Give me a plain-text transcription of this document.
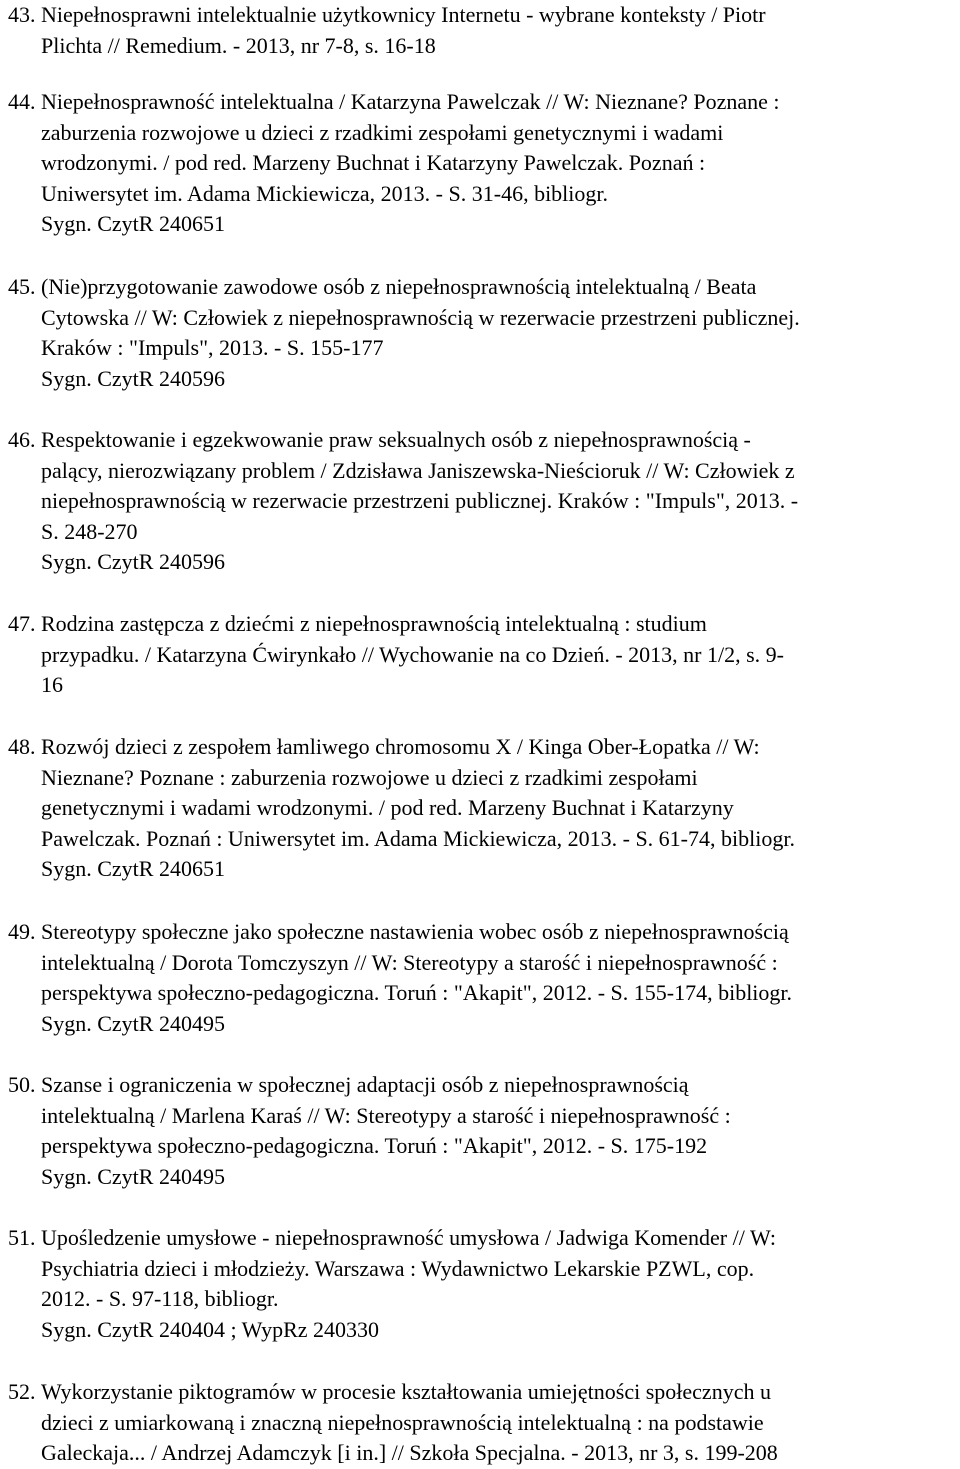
43. Niepełnosprawni intelektualnie użytkownicy Internetu - wybrane konteksty / Piotr
Plichta // Remedium. - 2013, nr 7-8, s. 16-18
44. Niepełnosprawność intelektualna / Katarzyna Pawelczak // W: Nieznane? Poznane :
zaburzenia rozwojowe u dzieci z rzadkimi zespołami genetycznymi i wadami
wrodzonymi. / pod red. Marzeny Buchnat i Katarzyny Pawelczak. Poznań :
Uniwersytet im. Adama Mickiewicza, 2013. - S. 31-46, bibliogr.
Sygn. CzytR 240651
45. (Nie)przygotowanie zawodowe osób z niepełnosprawnością intelektualną / Beata
Cytowska // W: Człowiek z niepełnosprawnością w rezerwacie przestrzeni publicznej.
Kraków : "Impuls", 2013. - S. 155-177
Sygn. CzytR 240596
46. Respektowanie i egzekwowanie praw seksualnych osób z niepełnosprawnością -
palący, nierozwiązany problem / Zdzisława Janiszewska-Nieścioruk // W: Człowiek z
niepełnosprawnością w rezerwacie przestrzeni publicznej. Kraków : "Impuls", 2013. -
S. 248-270
Sygn. CzytR 240596
47. Rodzina zastępcza z dziećmi z niepełnosprawnością intelektualną : studium
przypadku. / Katarzyna Ćwirynkało // Wychowanie na co Dzień. - 2013, nr 1/2, s. 9-
16
48. Rozwój dzieci z zespołem łamliwego chromosomu X / Kinga Ober-Łopatka // W:
Nieznane? Poznane : zaburzenia rozwojowe u dzieci z rzadkimi zespołami
genetycznymi i wadami wrodzonymi. / pod red. Marzeny Buchnat i Katarzyny
Pawelczak. Poznań : Uniwersytet im. Adama Mickiewicza, 2013. - S. 61-74, bibliogr.
Sygn. CzytR 240651
49. Stereotypy społeczne jako społeczne nastawienia wobec osób z niepełnosprawnością
intelektualną / Dorota Tomczyszyn // W: Stereotypy a starość i niepełnosprawność :
perspektywa społeczno-pedagogiczna. Toruń : "Akapit", 2012. - S. 155-174, bibliogr.
Sygn. CzytR 240495
50. Szanse i ograniczenia w społecznej adaptacji osób z niepełnosprawnością
intelektualną / Marlena Karaś // W: Stereotypy a starość i niepełnosprawność :
perspektywa społeczno-pedagogiczna. Toruń : "Akapit", 2012. - S. 175-192
Sygn. CzytR 240495
51. Upośledzenie umysłowe - niepełnosprawność umysłowa / Jadwiga Komender // W:
Psychiatria dzieci i młodzieży. Warszawa : Wydawnictwo Lekarskie PZWL, cop.
2012. - S. 97-118, bibliogr.
Sygn. CzytR 240404 ; WypRz 240330
52. Wykorzystanie piktogramów w procesie kształtowania umiejętności społecznych u
dzieci z umiarkowaną i znaczną niepełnosprawnością intelektualną : na podstawie
Galeckaja... / Andrzej Adamczyk [i in.] // Szkoła Specjalna. - 2013, nr 3, s. 199-208
